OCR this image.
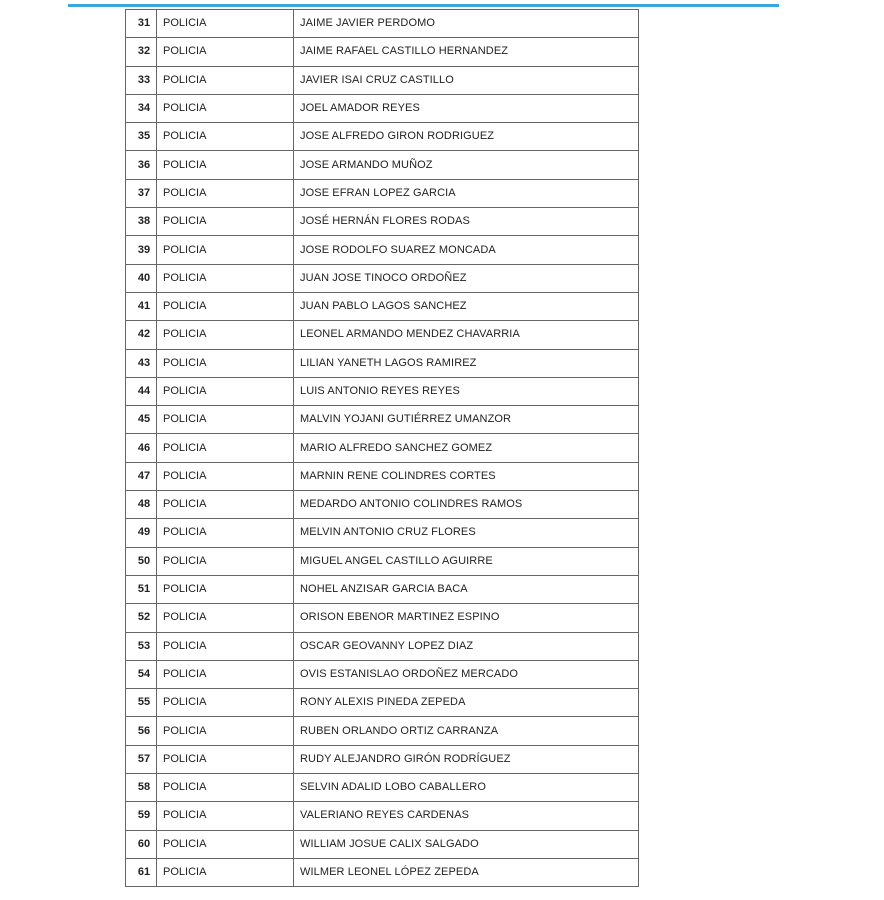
31	POLICIA	JAIME JAVIER PERDOMO
32	POLICIA	JAIME RAFAEL CASTILLO HERNANDEZ
33	POLICIA	JAVIER ISAI CRUZ CASTILLO
34	POLICIA	JOEL AMADOR REYES
35	POLICIA	JOSE ALFREDO GIRON RODRIGUEZ
36	POLICIA	JOSE ARMANDO MUÑOZ
37	POLICIA	JOSE EFRAN LOPEZ GARCIA
38	POLICIA	JOSÉ HERNÁN FLORES RODAS
39	POLICIA	JOSE RODOLFO SUAREZ MONCADA
40	POLICIA	JUAN JOSE TINOCO ORDOÑEZ
41	POLICIA	JUAN PABLO LAGOS SANCHEZ
42	POLICIA	LEONEL ARMANDO MENDEZ CHAVARRIA
43	POLICIA	LILIAN YANETH LAGOS RAMIREZ
44	POLICIA	LUIS ANTONIO REYES REYES
45	POLICIA	MALVIN YOJANI GUTIÉRREZ UMANZOR
46	POLICIA	MARIO ALFREDO SANCHEZ GOMEZ
47	POLICIA	MARNIN RENE COLINDRES CORTES
48	POLICIA	MEDARDO ANTONIO COLINDRES RAMOS
49	POLICIA	MELVIN ANTONIO CRUZ FLORES
50	POLICIA	MIGUEL ANGEL CASTILLO AGUIRRE
51	POLICIA	NOHEL ANZISAR GARCIA BACA
52	POLICIA	ORISON EBENOR MARTINEZ ESPINO
53	POLICIA	OSCAR GEOVANNY LOPEZ DIAZ
54	POLICIA	OVIS ESTANISLAO ORDOÑEZ MERCADO
55	POLICIA	RONY ALEXIS PINEDA ZEPEDA
56	POLICIA	RUBEN ORLANDO ORTIZ CARRANZA
57	POLICIA	RUDY ALEJANDRO GIRÓN RODRÍGUEZ
58	POLICIA	SELVIN ADALID LOBO CABALLERO
59	POLICIA	VALERIANO REYES CARDENAS
60	POLICIA	WILLIAM JOSUE CALIX SALGADO
61	POLICIA	WILMER LEONEL LÓPEZ ZEPEDA
